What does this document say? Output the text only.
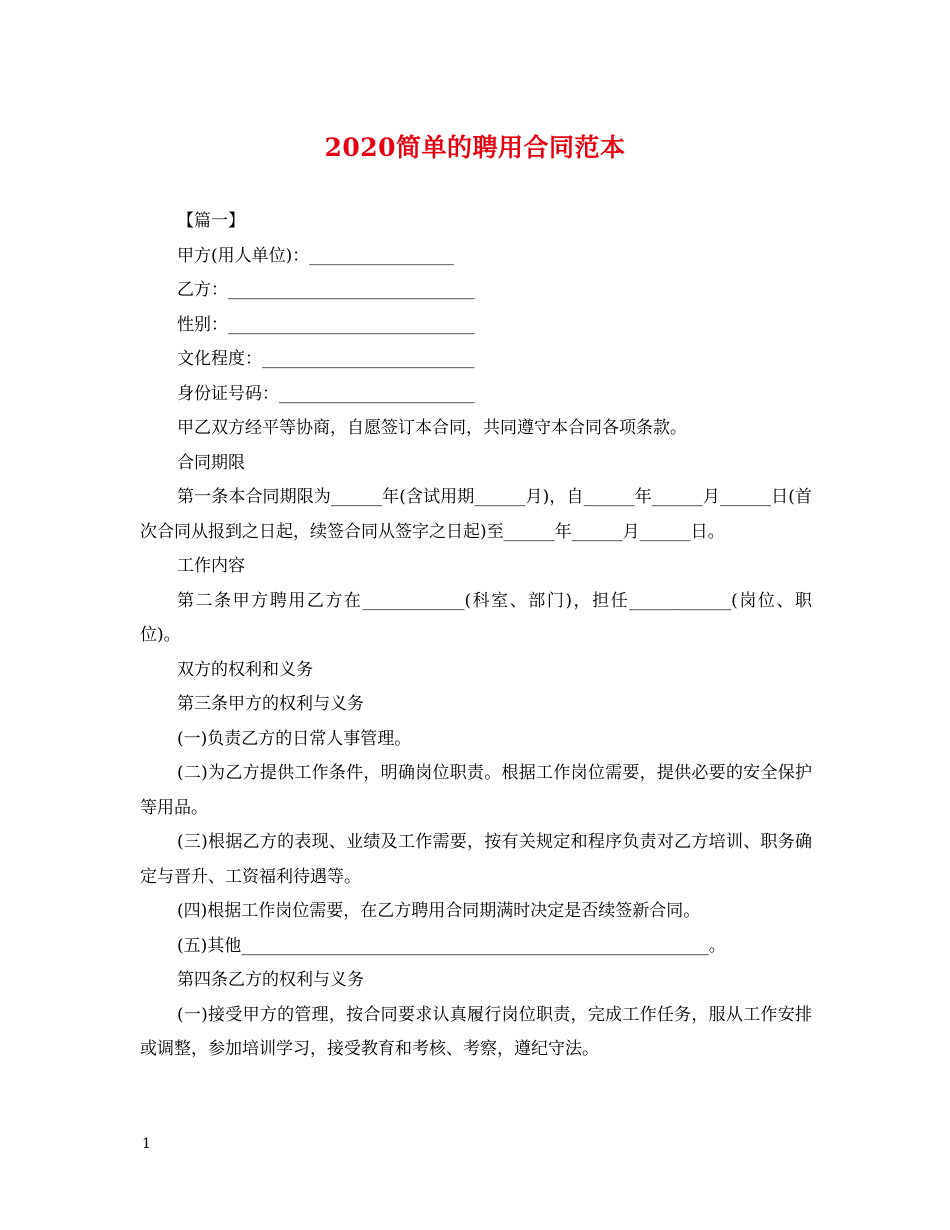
2020简单的聘用合同范本

【篇一】

甲方(用人单位)：_________________

乙方：_____________________________

性别：_____________________________

文化程度：_________________________

身份证号码：_______________________

甲乙双方经平等协商，自愿签订本合同，共同遵守本合同各项条款。

合同期限

第一条本合同期限为______年(含试用期______月)，自______年______月______日(首次合同从报到之日起，续签合同从签字之日起)至______年______月______日。

工作内容

第二条甲方聘用乙方在____________(科室、部门)，担任____________(岗位、职位)。

双方的权利和义务

第三条甲方的权利与义务

(一)负责乙方的日常人事管理。

(二)为乙方提供工作条件，明确岗位职责。根据工作岗位需要，提供必要的安全保护等用品。

(三)根据乙方的表现、业绩及工作需要，按有关规定和程序负责对乙方培训、职务确定与晋升、工资福利待遇等。

(四)根据工作岗位需要，在乙方聘用合同期满时决定是否续签新合同。

(五)其他_______________________________________________________。

第四条乙方的权利与义务

(一)接受甲方的管理，按合同要求认真履行岗位职责，完成工作任务，服从工作安排或调整，参加培训学习，接受教育和考核、考察，遵纪守法。

1
